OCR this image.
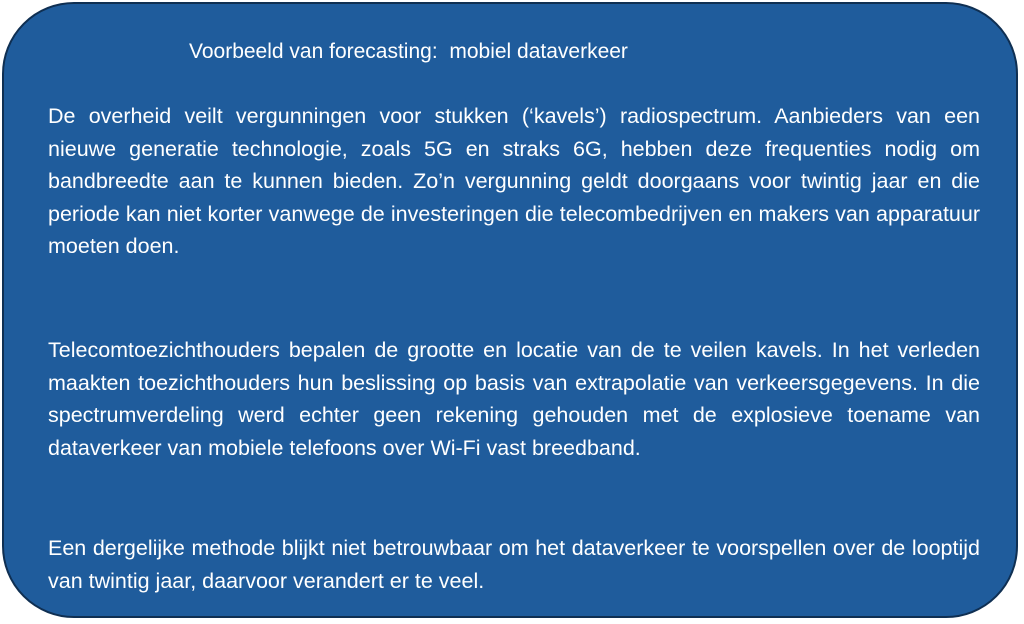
Voorbeeld van forecasting:  mobiel dataverkeer

De overheid veilt vergunningen voor stukken (‘kavels’) radiospectrum. Aanbieders van een nieuwe generatie technologie, zoals 5G en straks 6G, hebben deze frequenties nodig om bandbreedte aan te kunnen bieden. Zo’n vergunning geldt doorgaans voor twintig jaar en die periode kan niet korter vanwege de investeringen die telecombedrijven en makers van apparatuur moeten doen.

Telecomtoezichthouders bepalen de grootte en locatie van de te veilen kavels. In het verleden maakten toezichthouders hun beslissing op basis van extrapolatie van verkeersgegevens. In die spectrumverdeling werd echter geen rekening gehouden met de explosieve toename van dataverkeer van mobiele telefoons over Wi-Fi vast breedband.

Een dergelijke methode blijkt niet betrouwbaar om het dataverkeer te voorspellen over de looptijd van twintig jaar, daarvoor verandert er te veel.
